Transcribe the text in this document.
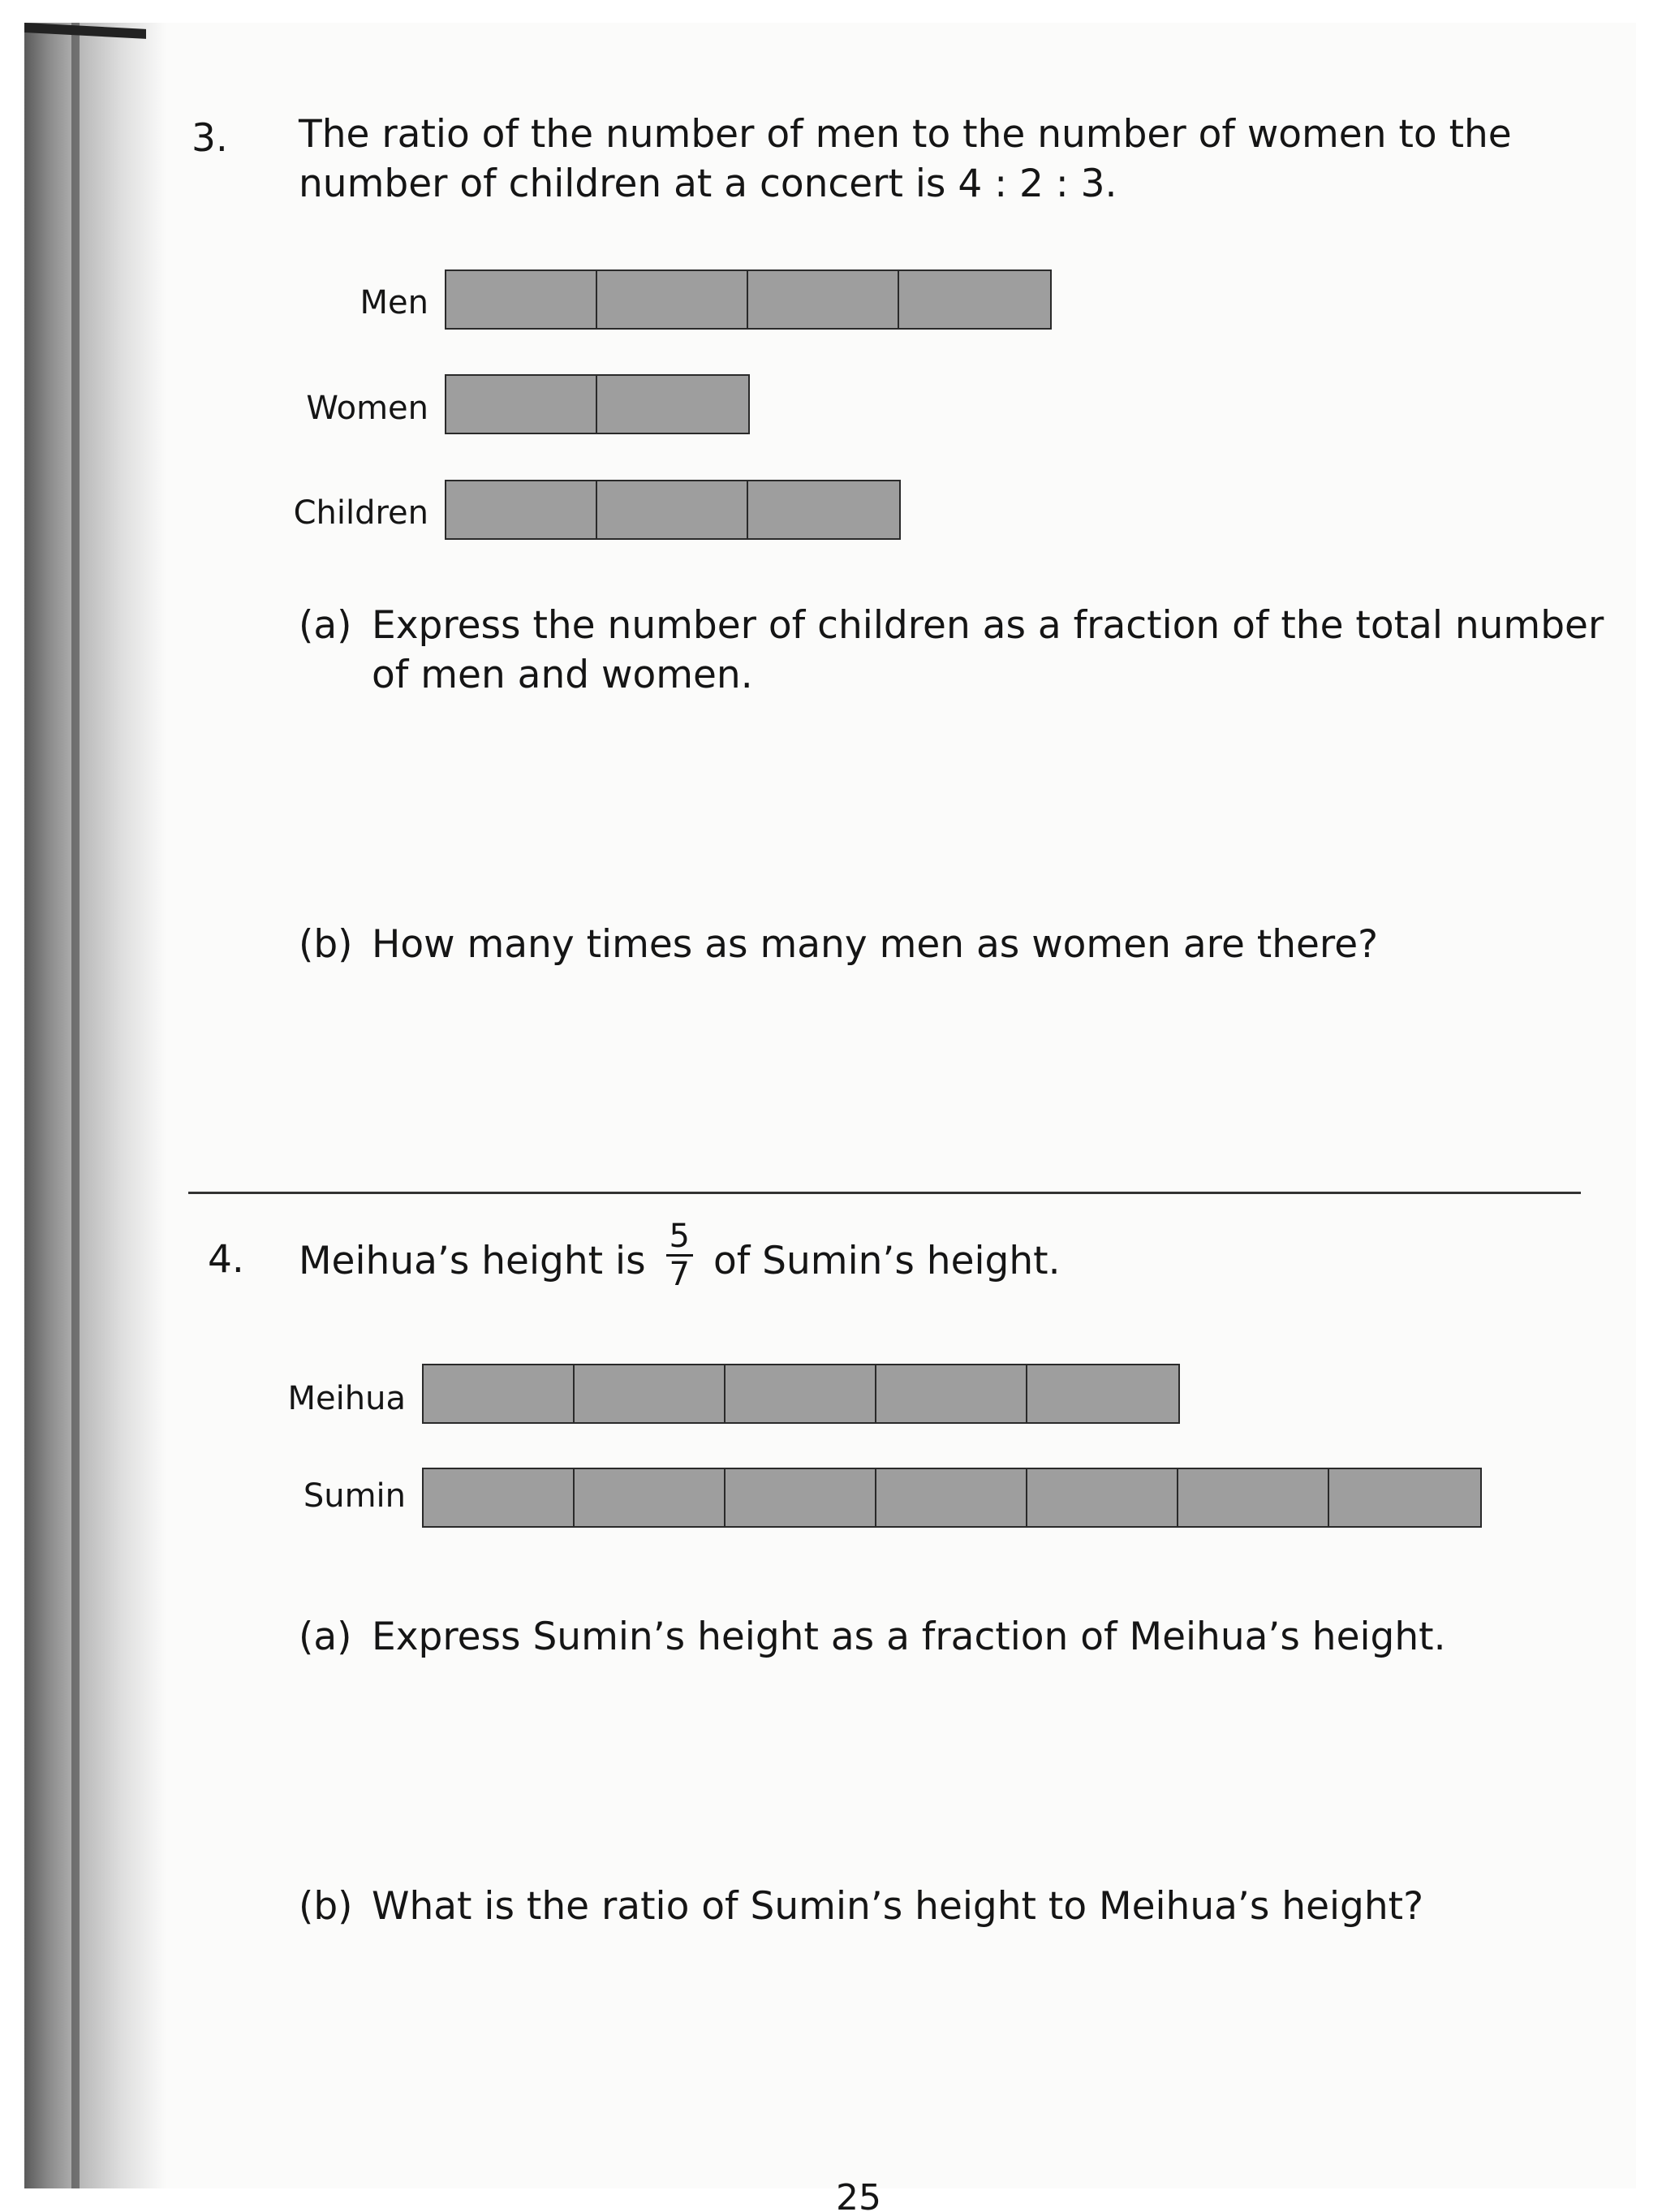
3. The ratio of the number of men to the number of women to the
number of children at a concert is 4 : 2 : 3.
Men
Women
Children
(a) Express the number of children as a fraction of the total number
of men and women.
(b) How many times as many men as women are there?
4. Meihua’s height is $\frac{5}{7}$ of Sumin’s height.
Meihua
Sumin
(a) Express Sumin’s height as a fraction of Meihua’s height.
(b) What is the ratio of Sumin’s height to Meihua’s height?
25
